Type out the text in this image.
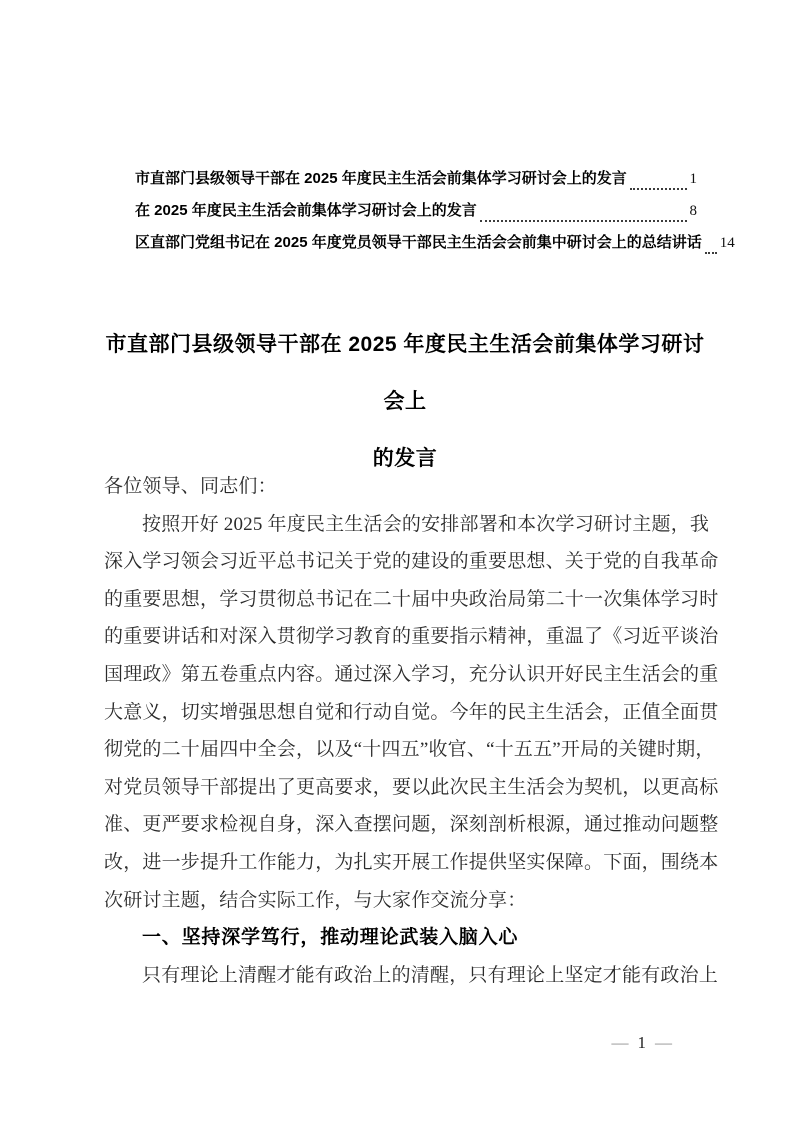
市直部门县级领导干部在 2025 年度民主生活会前集体学习研讨会上的发言	1
在 2025 年度民主生活会前集体学习研讨会上的发言	8
区直部门党组书记在 2025 年度党员领导干部民主生活会会前集中研讨会上的总结讲话 14
市直部门县级领导干部在 2025 年度民主生活会前集体学习研讨会上
的发言
各位领导、同志们：
按照开好 2025 年度民主生活会的安排部署和本次学习研讨主题，我
深入学习领会习近平总书记关于党的建设的重要思想、关于党的自我革命
的重要思想，学习贯彻总书记在二十届中央政治局第二十一次集体学习时
的重要讲话和对深入贯彻学习教育的重要指示精神，重温了《习近平谈治
国理政》第五卷重点内容。通过深入学习，充分认识开好民主生活会的重
大意义，切实增强思想自觉和行动自觉。今年的民主生活会，正值全面贯
彻党的二十届四中全会，以及“十四五”收官、“十五五”开局的关键时期，
对党员领导干部提出了更高要求，要以此次民主生活会为契机，以更高标
准、更严要求检视自身，深入查摆问题，深刻剖析根源，通过推动问题整
改，进一步提升工作能力，为扎实开展工作提供坚实保障。下面，围绕本
次研讨主题，结合实际工作，与大家作交流分享：
一、坚持深学笃行，推动理论武装入脑入心
只有理论上清醒才能有政治上的清醒，只有理论上坚定才能有政治上
— 1 —
